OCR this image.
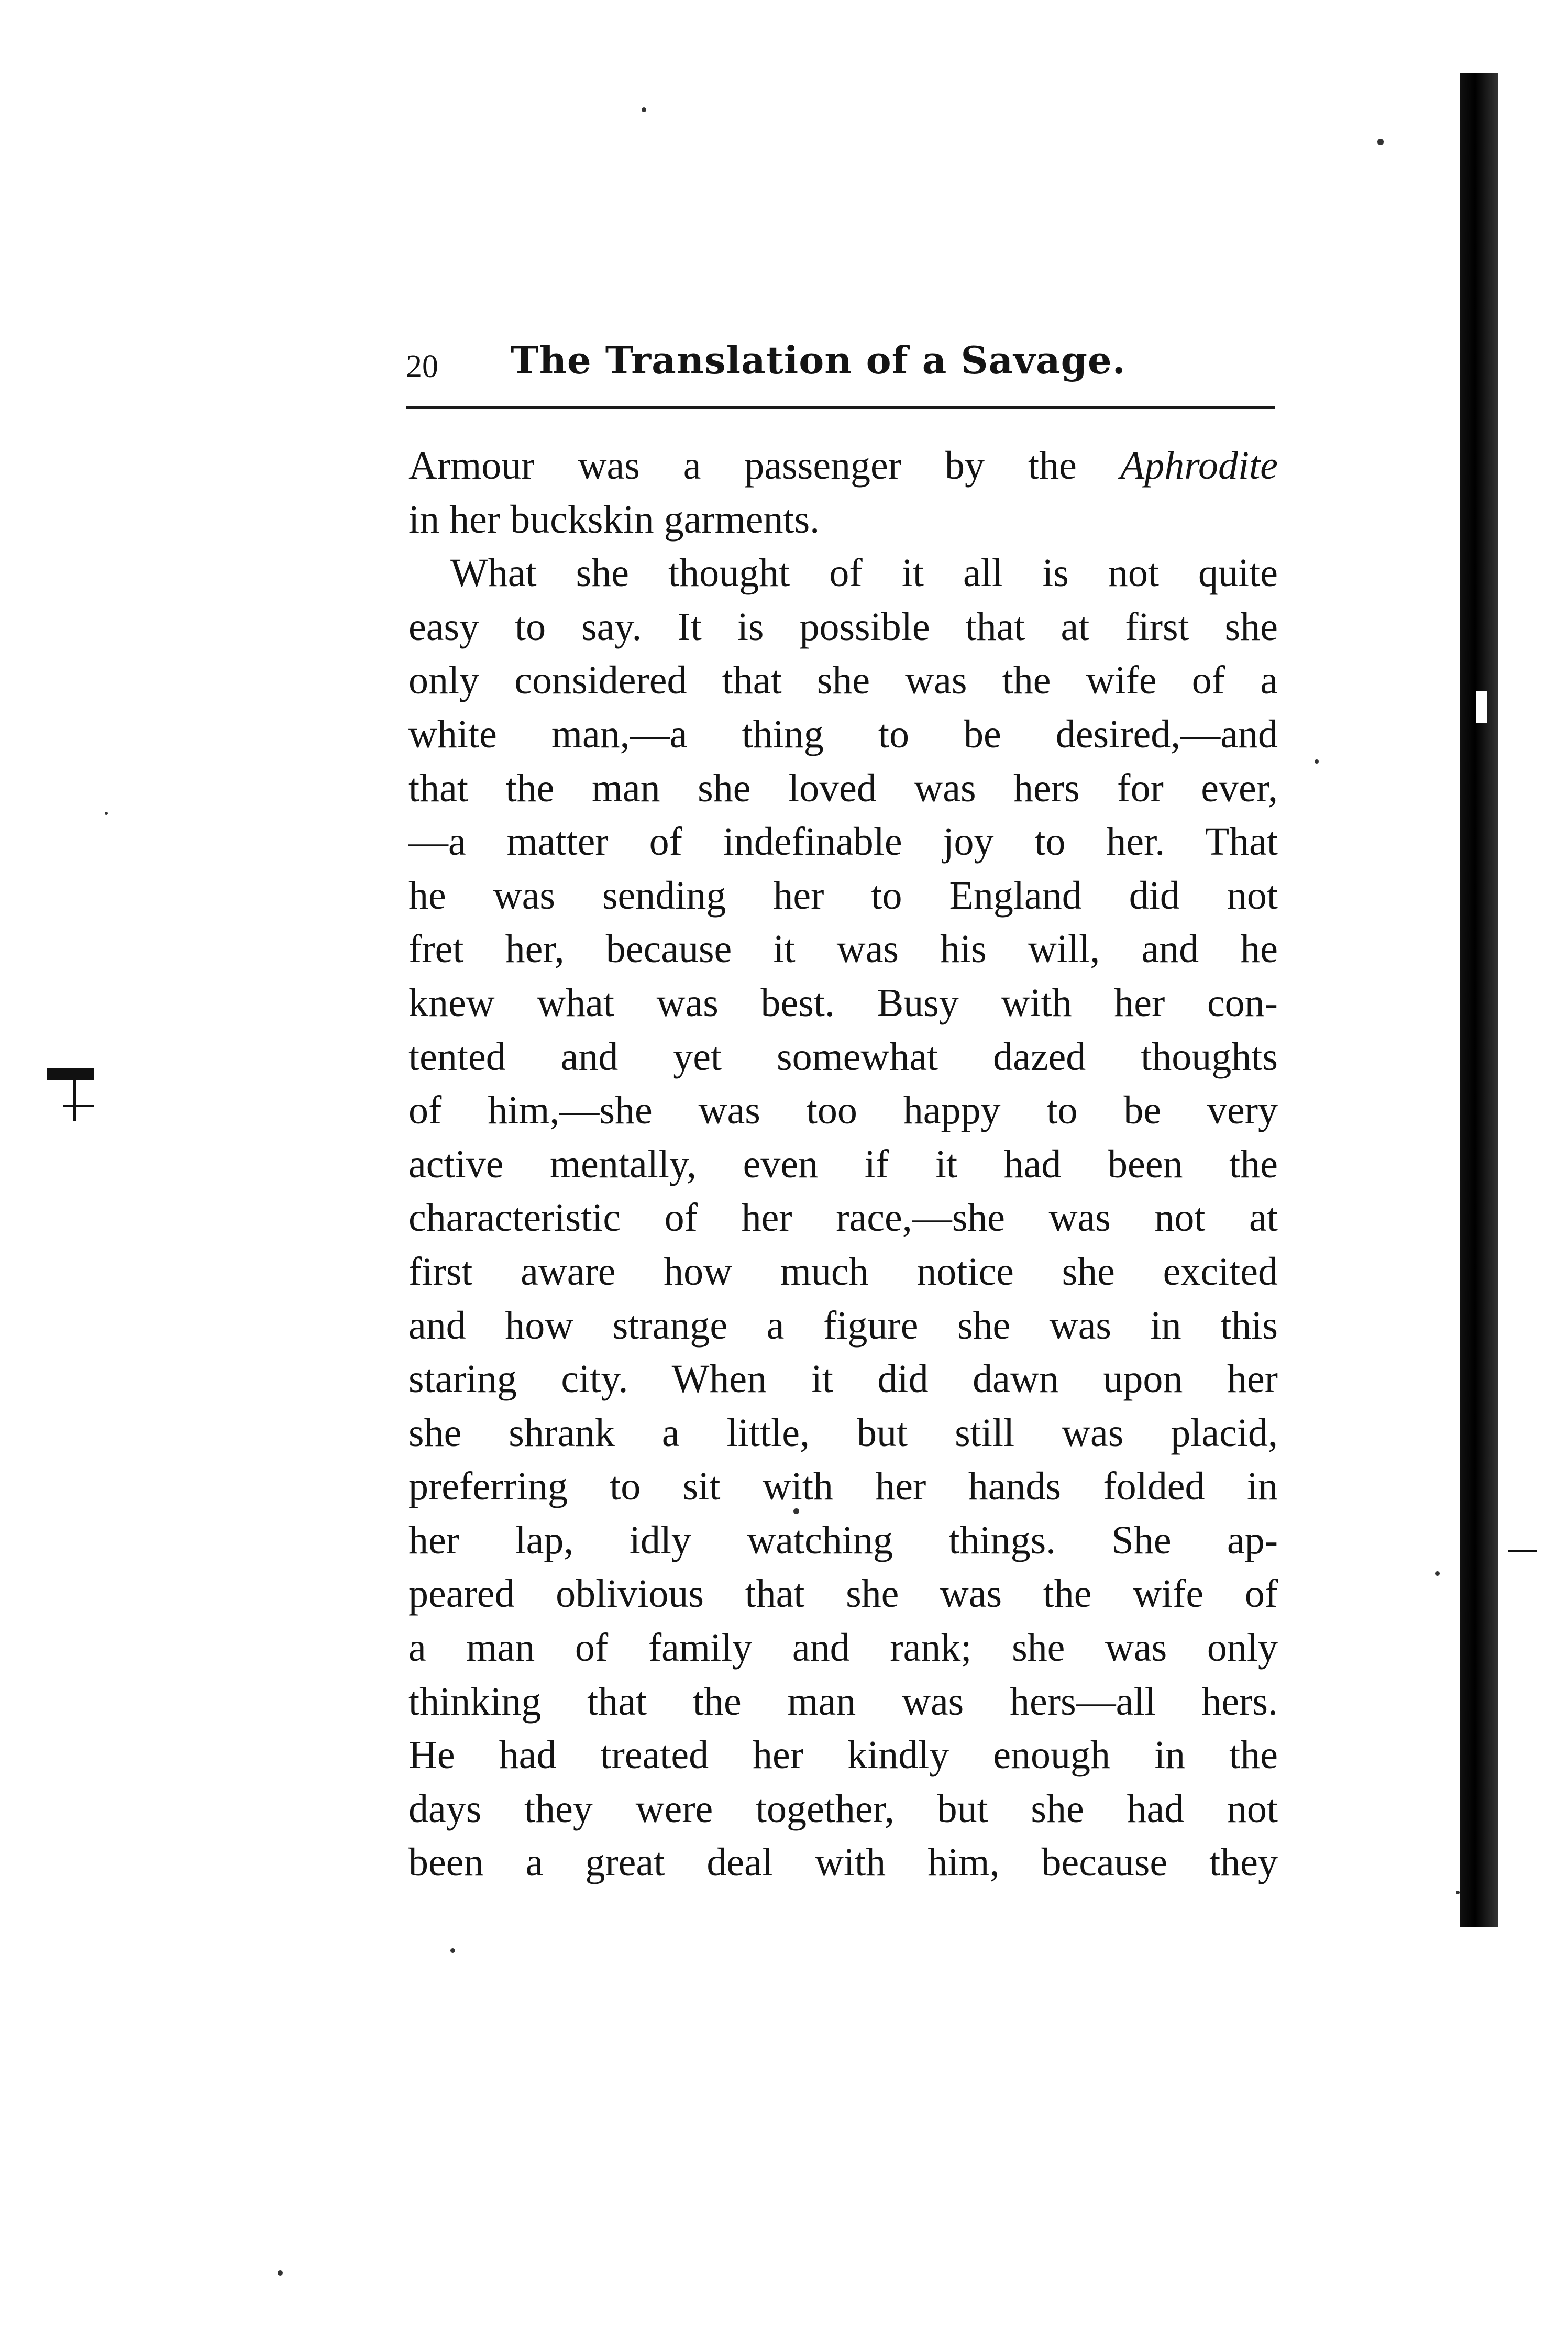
20 The Translation of a Savage.
Armour was a passenger by the Aphrodite
in her buckskin garments.
What she thought of it all is not quite
easy to say. It is possible that at first she
only considered that she was the wife of a
white man,—a thing to be desired,—and
that the man she loved was hers for ever,
—a matter of indefinable joy to her. That
he was sending her to England did not
fret her, because it was his will, and he
knew what was best. Busy with her con-
tented and yet somewhat dazed thoughts
of him,—she was too happy to be very
active mentally, even if it had been the
characteristic of her race,—she was not at
first aware how much notice she excited
and how strange a figure she was in this
staring city. When it did dawn upon her
she shrank a little, but still was placid,
preferring to sit with her hands folded in
her lap, idly watching things. She ap-
peared oblivious that she was the wife of
a man of family and rank; she was only
thinking that the man was hers—all hers.
He had treated her kindly enough in the
days they were together, but she had not
been a great deal with him, because they
